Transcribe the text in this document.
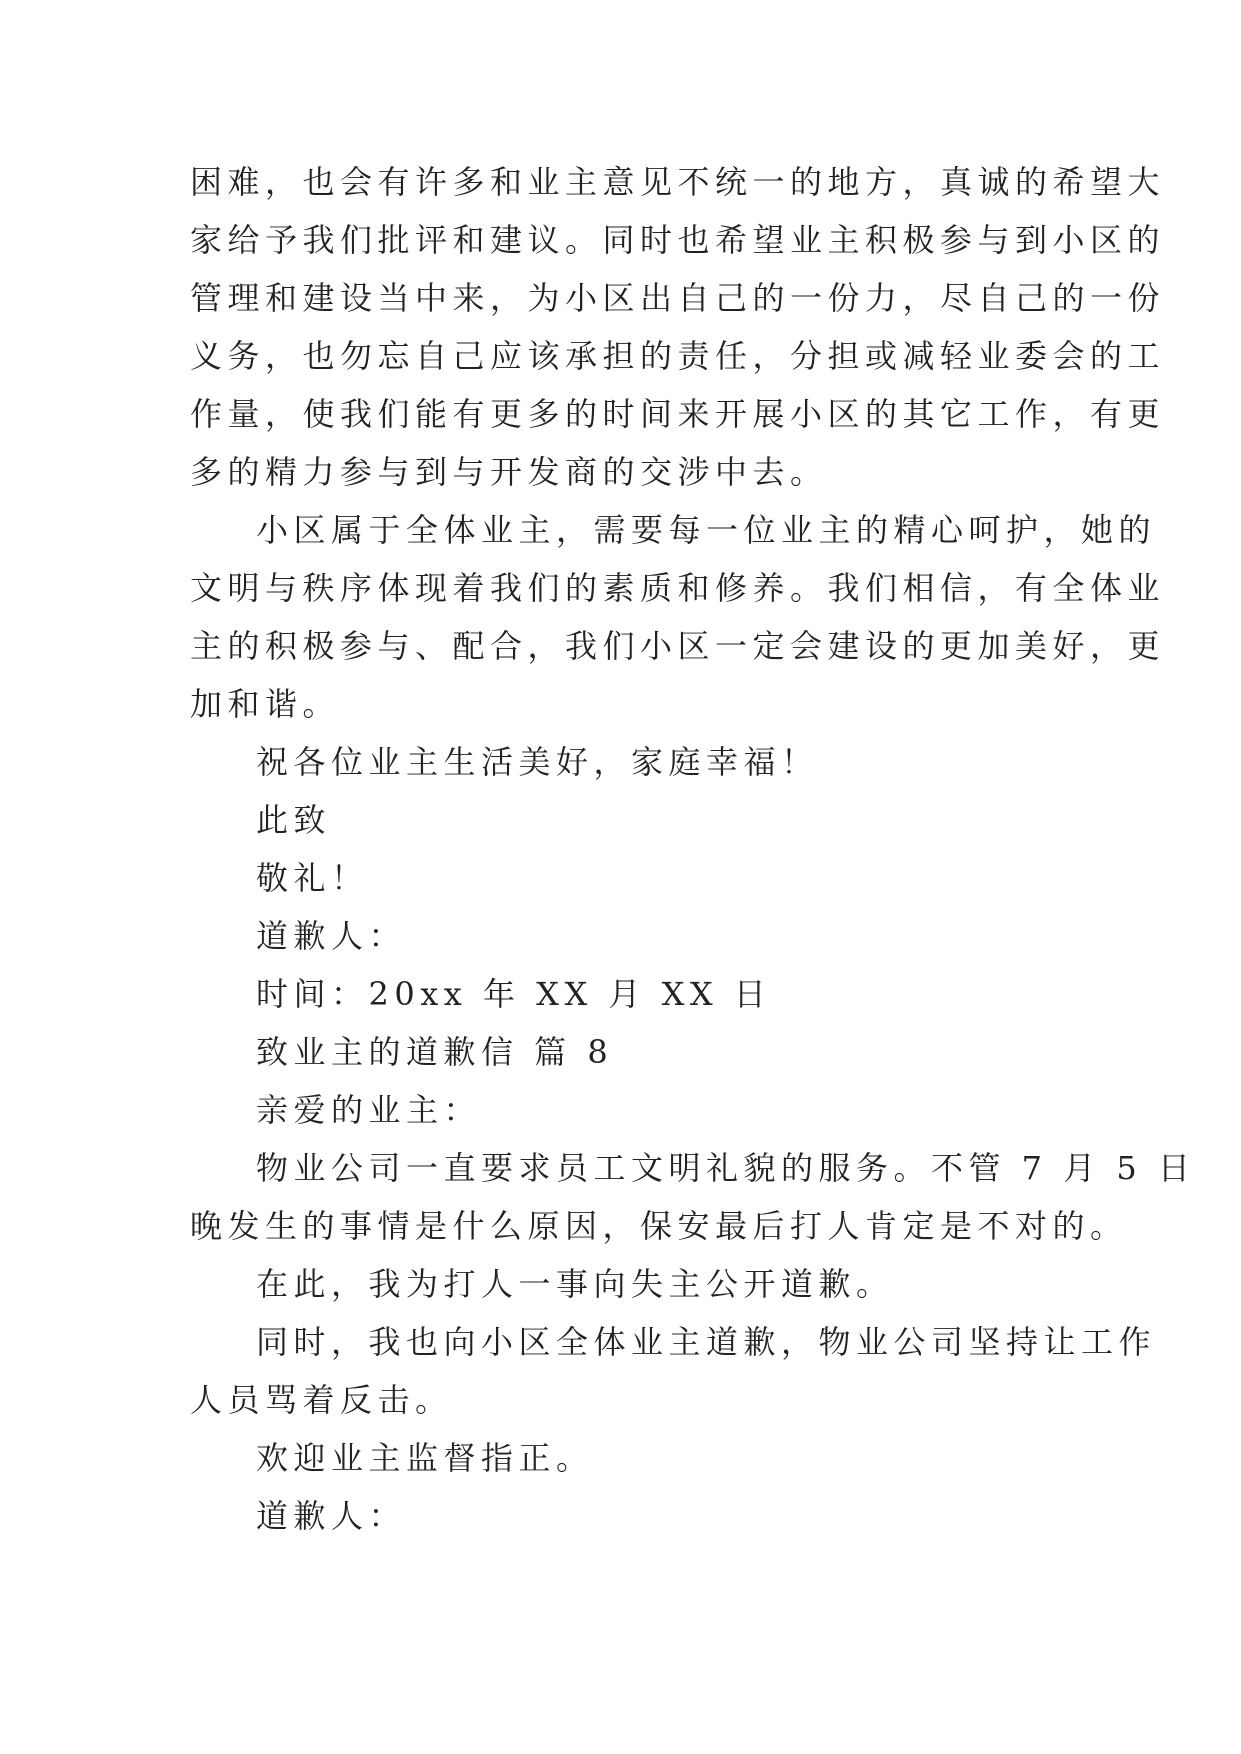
困难，也会有许多和业主意见不统一的地方，真诚的希望大
家给予我们批评和建议。同时也希望业主积极参与到小区的
管理和建设当中来，为小区出自己的一份力，尽自己的一份
义务，也勿忘自己应该承担的责任，分担或减轻业委会的工
作量，使我们能有更多的时间来开展小区的其它工作，有更
多的精力参与到与开发商的交涉中去。
小区属于全体业主，需要每一位业主的精心呵护，她的
文明与秩序体现着我们的素质和修养。我们相信，有全体业
主的积极参与、配合，我们小区一定会建设的更加美好，更
加和谐。
祝各位业主生活美好，家庭幸福！
此致
敬礼！
道歉人：
时间：20xx 年 XX 月 XX 日
致业主的道歉信 篇 8
亲爱的业主：
物业公司一直要求员工文明礼貌的服务。不管 7 月 5 日
晚发生的事情是什么原因，保安最后打人肯定是不对的。
在此，我为打人一事向失主公开道歉。
同时，我也向小区全体业主道歉，物业公司坚持让工作
人员骂着反击。
欢迎业主监督指正。
道歉人：
